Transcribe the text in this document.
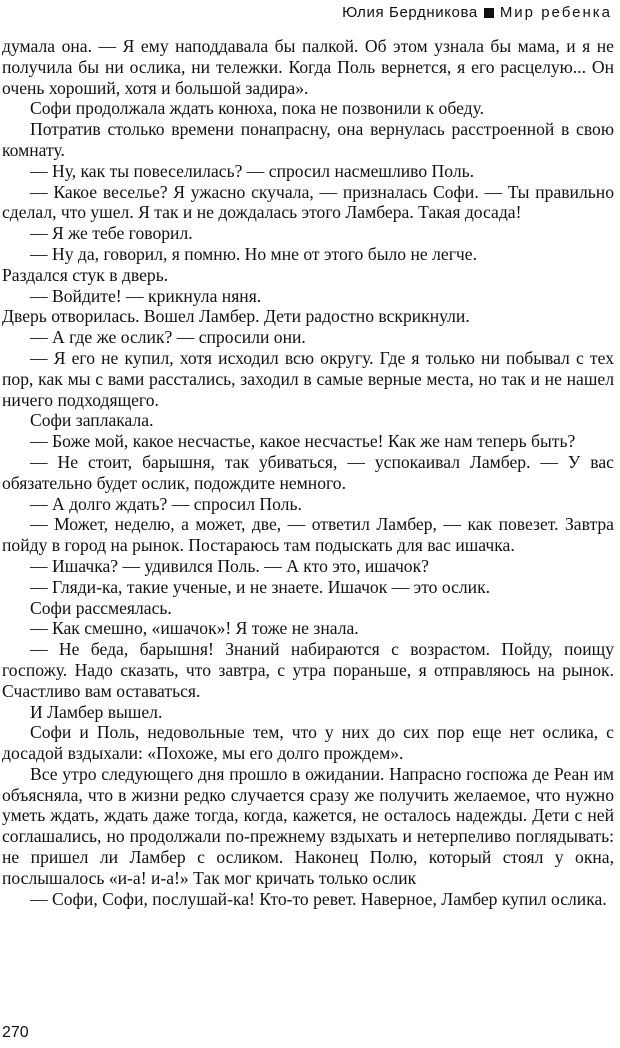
Юлия Бердникова Мир ребенка

думала она. — Я ему наподдавала бы палкой. Об этом узнала бы мама, и я не получила бы ни ослика, ни тележки. Когда Поль вернется, я его расцелую... Он очень хороший, хотя и большой задира».

Софи продолжала ждать конюха, пока не позвонили к обеду.

Потратив столько времени понапрасну, она вернулась расстроенной в свою комнату.

— Ну, как ты повеселилась? — спросил насмешливо Поль.

— Какое веселье? Я ужасно скучала, — призналась Софи. — Ты правильно сделал, что ушел. Я так и не дождалась этого Ламбера. Такая досада!

— Я же тебе говорил.

— Ну да, говорил, я помню. Но мне от этого было не легче.

Раздался стук в дверь.

— Войдите! — крикнула няня.

Дверь отворилась. Вошел Ламбер. Дети радостно вскрикнули.

— А где же ослик? — спросили они.

— Я его не купил, хотя исходил всю округу. Где я только ни побывал с тех пор, как мы с вами расстались, заходил в самые верные места, но так и не нашел ничего подходящего.

Софи заплакала.

— Боже мой, какое несчастье, какое несчастье! Как же нам теперь быть?

— Не стоит, барышня, так убиваться, — успокаивал Ламбер. — У вас обязательно будет ослик, подождите немного.

— А долго ждать? — спросил Поль.

— Может, неделю, а может, две, — ответил Ламбер, — как повезет. Завтра пойду в город на рынок. Постараюсь там подыскать для вас ишачка.

— Ишачка? — удивился Поль. — А кто это, ишачок?

— Гляди-ка, такие ученые, и не знаете. Ишачок — это ослик.

Софи рассмеялась.

— Как смешно, «ишачок»! Я тоже не знала.

— Не беда, барышня! Знаний набираются с возрастом. Пойду, поищу госпожу. Надо сказать, что завтра, с утра пораньше, я отправляюсь на рынок. Счастливо вам оставаться.

И Ламбер вышел.

Софи и Поль, недовольные тем, что у них до сих пор еще нет ослика, с досадой вздыхали: «Похоже, мы его долго прождем».

Все утро следующего дня прошло в ожидании. Напрасно госпожа де Реан им объясняла, что в жизни редко случается сразу же получить желаемое, что нужно уметь ждать, ждать даже тогда, когда, кажется, не осталось надежды. Дети с ней соглашались, но продолжали по-прежнему вздыхать и нетерпеливо поглядывать: не пришел ли Ламбер с осликом. Наконец Полю, который стоял у окна, послышалось «и-а! и-а!» Так мог кричать только ослик

— Софи, Софи, послушай-ка! Кто-то ревет. Наверное, Ламбер купил ослика.

270
